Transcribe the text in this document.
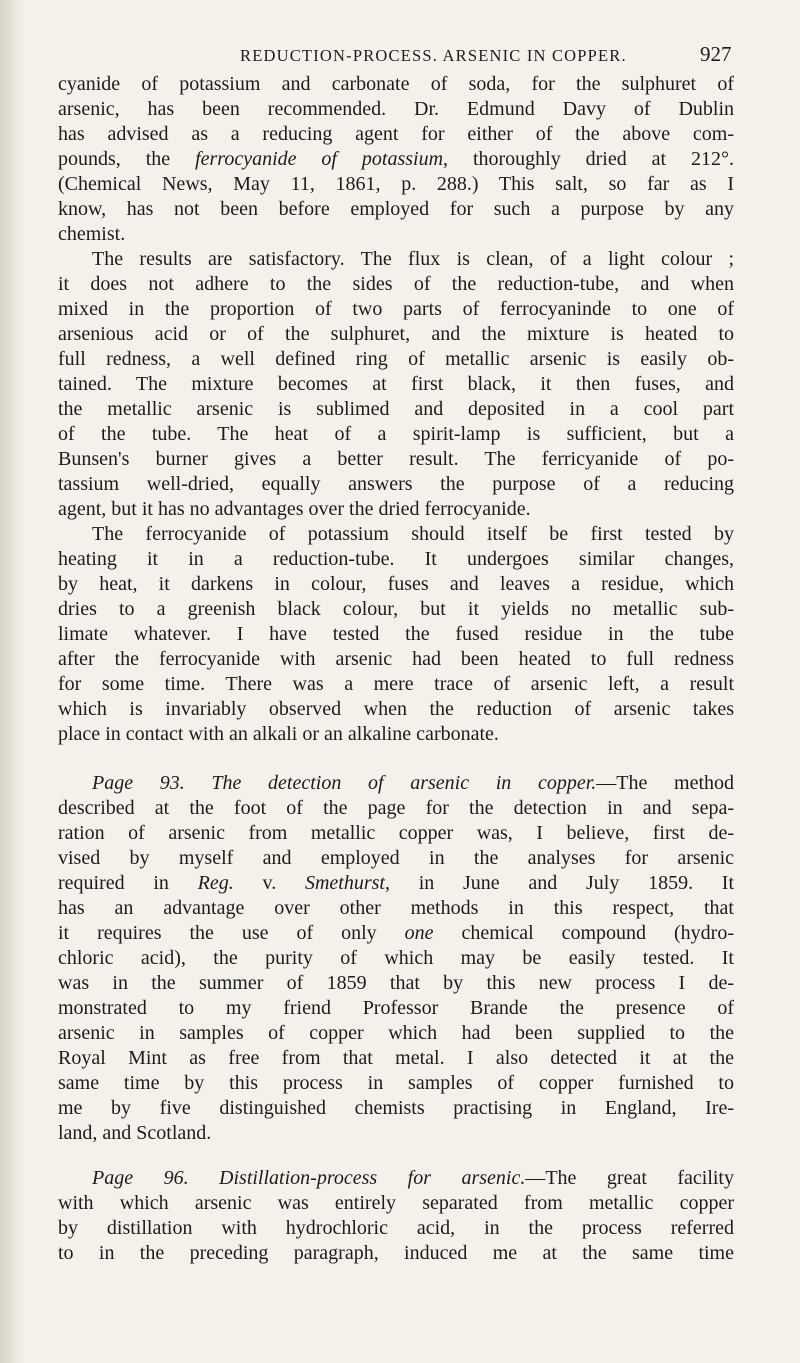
REDUCTION-PROCESS. ARSENIC IN COPPER.	927
cyanide of potassium and carbonate of soda, for the sulphuret of
arsenic, has been recommended. Dr. Edmund Davy of Dublin
has advised as a reducing agent for either of the above com-
pounds, the ferrocyanide of potassium, thoroughly dried at 212°.
(Chemical News, May 11, 1861, p. 288.) This salt, so far as I
know, has not been before employed for such a purpose by any
chemist.
The results are satisfactory. The flux is clean, of a light colour ;
it does not adhere to the sides of the reduction-tube, and when
mixed in the proportion of two parts of ferrocyaninde to one of
arsenious acid or of the sulphuret, and the mixture is heated to
full redness, a well defined ring of metallic arsenic is easily ob-
tained. The mixture becomes at first black, it then fuses, and
the metallic arsenic is sublimed and deposited in a cool part
of the tube. The heat of a spirit-lamp is sufficient, but a
Bunsen's burner gives a better result. The ferricyanide of po-
tassium well-dried, equally answers the purpose of a reducing
agent, but it has no advantages over the dried ferrocyanide.
The ferrocyanide of potassium should itself be first tested by
heating it in a reduction-tube. It undergoes similar changes,
by heat, it darkens in colour, fuses and leaves a residue, which
dries to a greenish black colour, but it yields no metallic sub-
limate whatever. I have tested the fused residue in the tube
after the ferrocyanide with arsenic had been heated to full redness
for some time. There was a mere trace of arsenic left, a result
which is invariably observed when the reduction of arsenic takes
place in contact with an alkali or an alkaline carbonate.
Page 93. The detection of arsenic in copper.—The method
described at the foot of the page for the detection in and sepa-
ration of arsenic from metallic copper was, I believe, first de-
vised by myself and employed in the analyses for arsenic
required in Reg. v. Smethurst, in June and July 1859. It
has an advantage over other methods in this respect, that
it requires the use of only one chemical compound (hydro-
chloric acid), the purity of which may be easily tested. It
was in the summer of 1859 that by this new process I de-
monstrated to my friend Professor Brande the presence of
arsenic in samples of copper which had been supplied to the
Royal Mint as free from that metal. I also detected it at the
same time by this process in samples of copper furnished to
me by five distinguished chemists practising in England, Ire-
land, and Scotland.
Page 96. Distillation-process for arsenic.—The great facility
with which arsenic was entirely separated from metallic copper
by distillation with hydrochloric acid, in the process referred
to in the preceding paragraph, induced me at the same time
